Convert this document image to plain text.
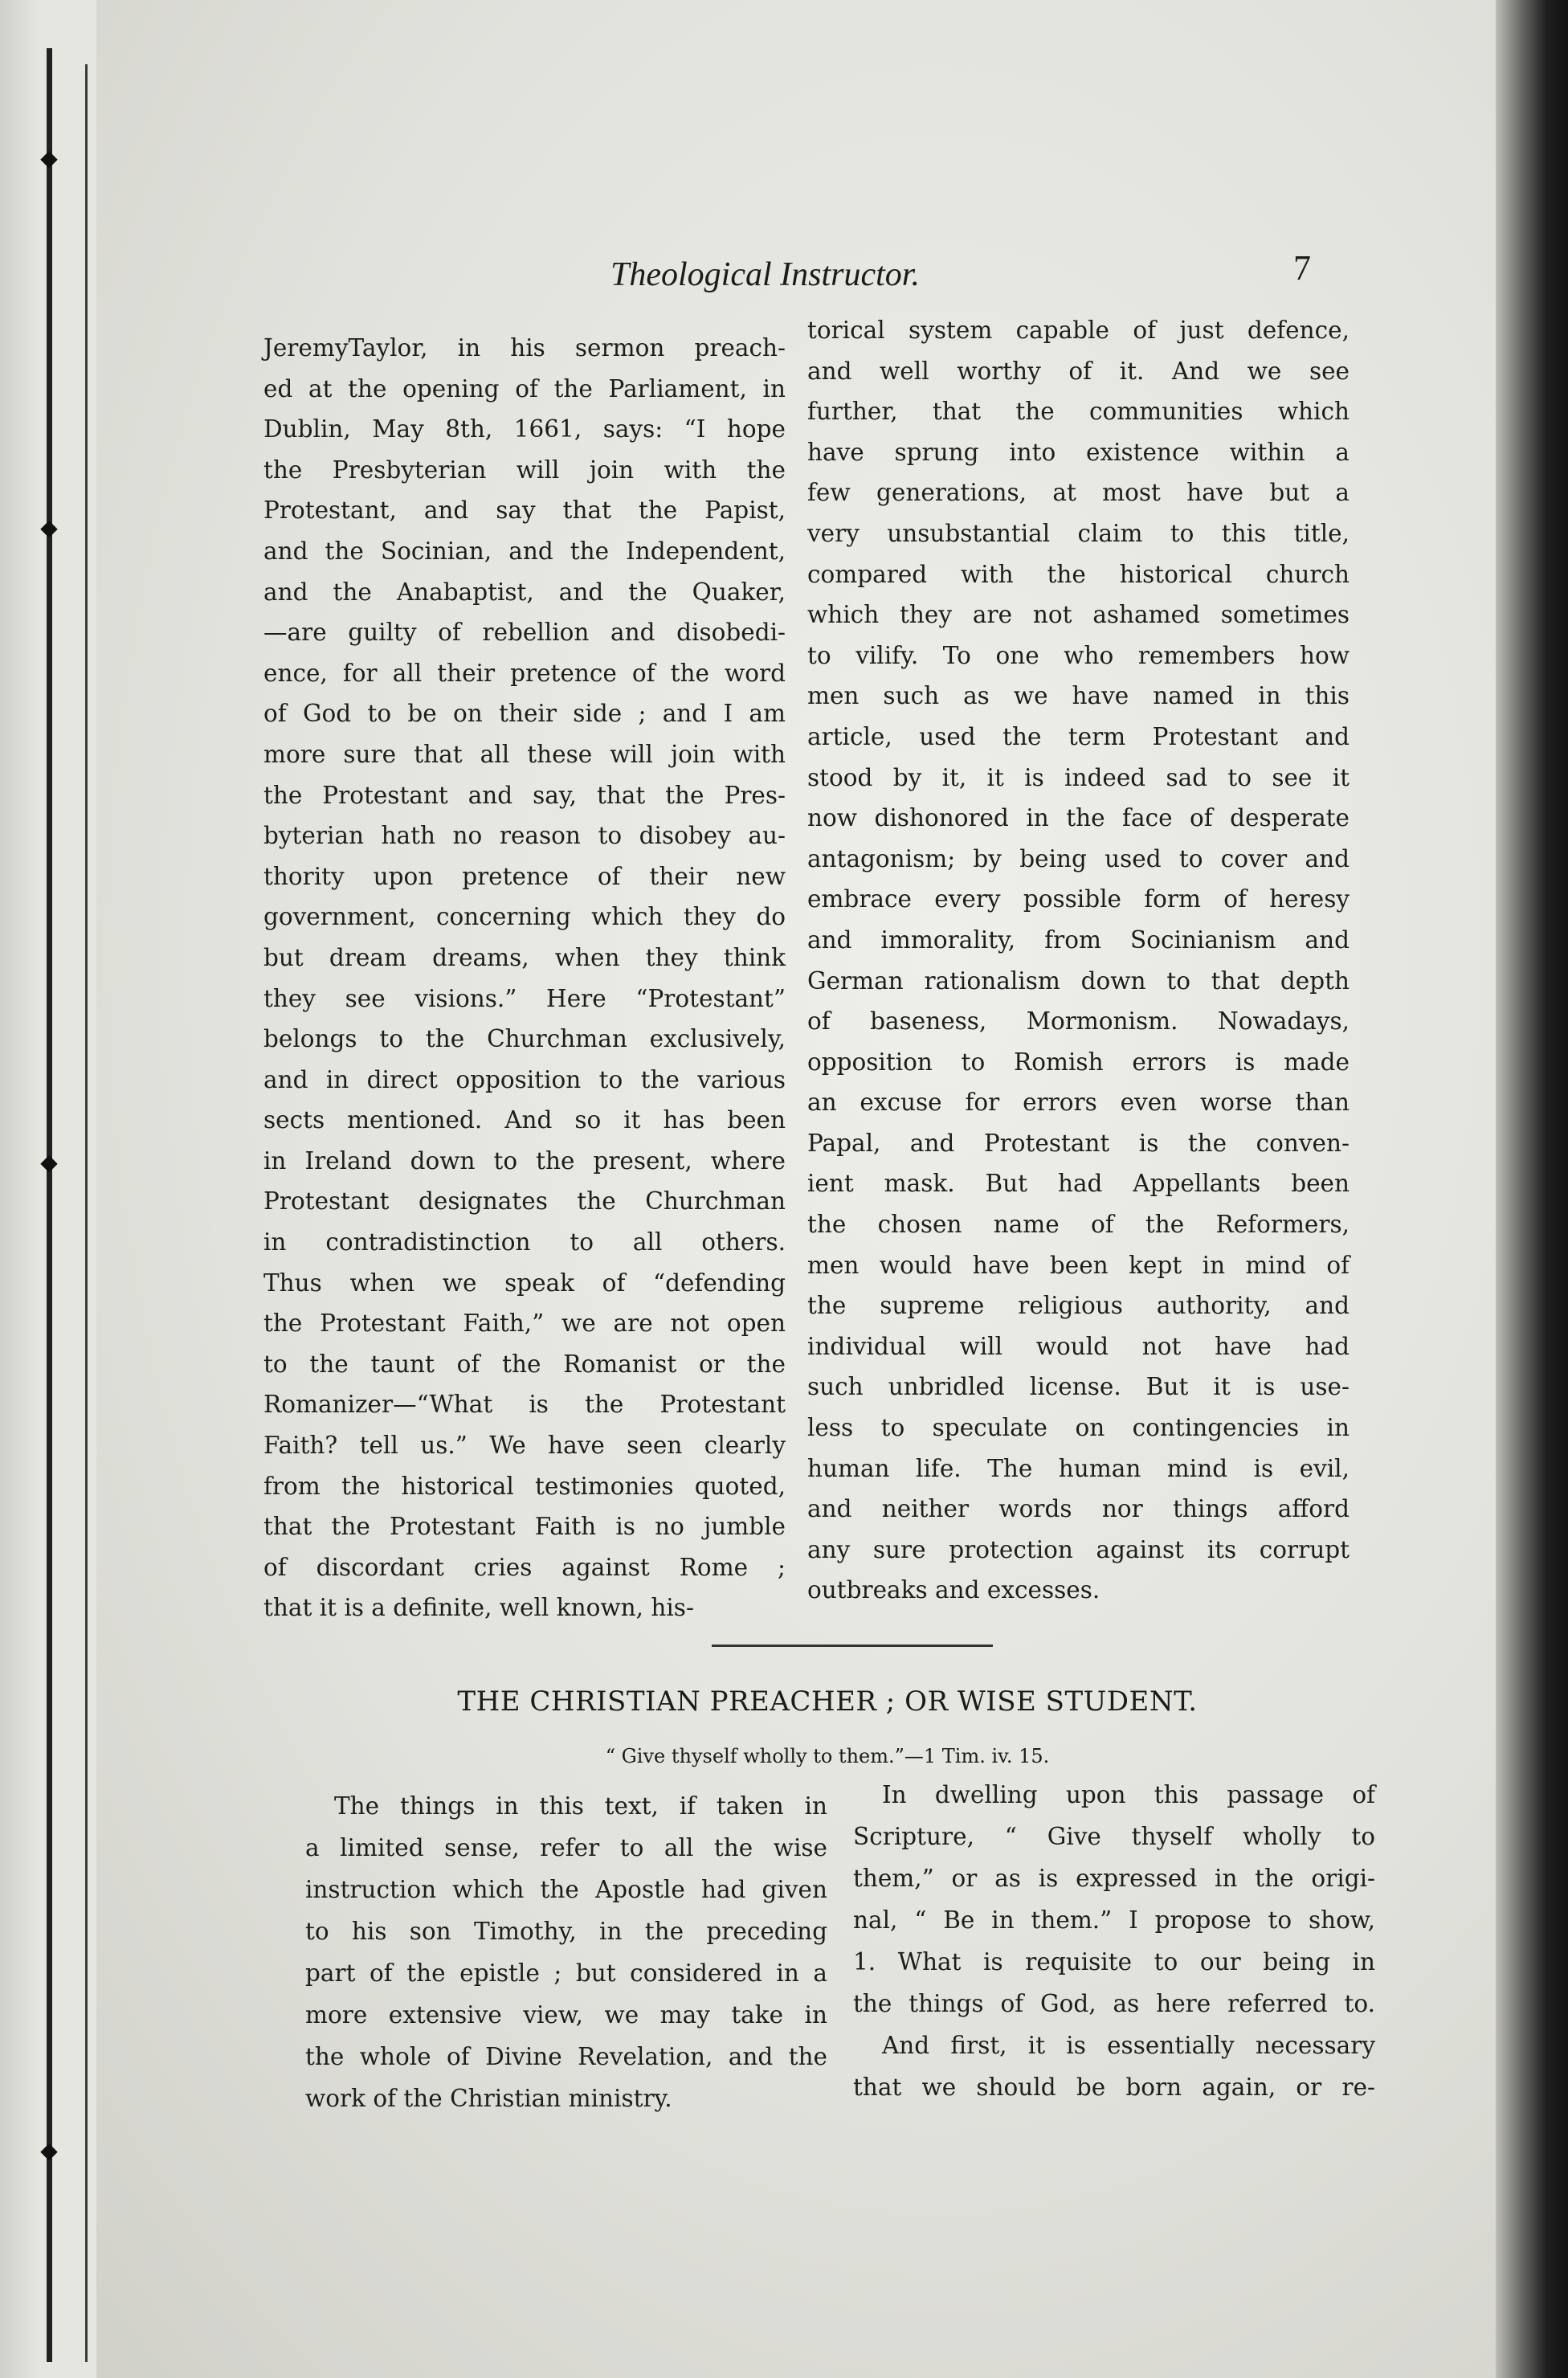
◆
◆
◆
◆
Theological Instructor.	7
JeremyTaylor, in his sermon preach-
ed at the opening of the Parliament, in
Dublin, May 8th, 1661, says: “I hope
the Presbyterian will join with the
Protestant, and say that the Papist,
and the Socinian, and the Independent,
and the Anabaptist, and the Quaker,
—are guilty of rebellion and disobedi-
ence, for all their pretence of the word
of God to be on their side ; and I am
more sure that all these will join with
the Protestant and say, that the Pres-
byterian hath no reason to disobey au-
thority upon pretence of their new
government, concerning which they do
but dream dreams, when they think
they see visions.” Here “Protestant”
belongs to the Churchman exclusively,
and in direct opposition to the various
sects mentioned. And so it has been
in Ireland down to the present, where
Protestant designates the Churchman
in contradistinction to all others.
Thus when we speak of “defending
the Protestant Faith,” we are not open
to the taunt of the Romanist or the
Romanizer—“What is the Protestant
Faith? tell us.” We have seen clearly
from the historical testimonies quoted,
that the Protestant Faith is no jumble
of discordant cries against Rome ;
that it is a definite, well known, his-
torical system capable of just defence,
and well worthy of it. And we see
further, that the communities which
have sprung into existence within a
few generations, at most have but a
very unsubstantial claim to this title,
compared with the historical church
which they are not ashamed sometimes
to vilify. To one who remembers how
men such as we have named in this
article, used the term Protestant and
stood by it, it is indeed sad to see it
now dishonored in the face of desperate
antagonism; by being used to cover and
embrace every possible form of heresy
and immorality, from Socinianism and
German rationalism down to that depth
of baseness, Mormonism. Nowadays,
opposition to Romish errors is made
an excuse for errors even worse than
Papal, and Protestant is the conven-
ient mask. But had Appellants been
the chosen name of the Reformers,
men would have been kept in mind of
the supreme religious authority, and
individual will would not have had
such unbridled license. But it is use-
less to speculate on contingencies in
human life. The human mind is evil,
and neither words nor things afford
any sure protection against its corrupt
outbreaks and excesses.
THE CHRISTIAN PREACHER ; OR WISE STUDENT.
“ Give thyself wholly to them.”—1 Tim. iv. 15.
The things in this text, if taken in
a limited sense, refer to all the wise
instruction which the Apostle had given
to his son Timothy, in the preceding
part of the epistle ; but considered in a
more extensive view, we may take in
the whole of Divine Revelation, and the
work of the Christian ministry.
In dwelling upon this passage of
Scripture, “ Give thyself wholly to
them,” or as is expressed in the origi-
nal, “ Be in them.” I propose to show,
1. What is requisite to our being in
the things of God, as here referred to.
And first, it is essentially necessary
that we should be born again, or re-
